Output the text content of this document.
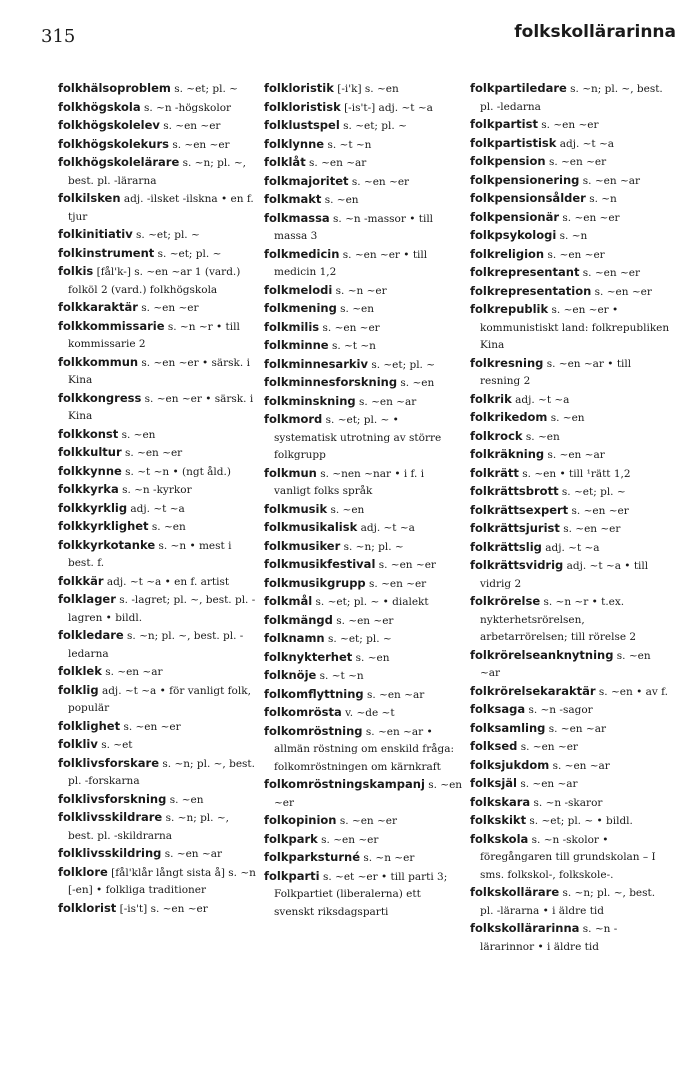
315	folkskollärarinna
folkhälsoproblem s. ~et; pl. ~
folkhögskola s. ~n -högskolor
folkhögskolelev s. ~en ~er
folkhögskolekurs s. ~en ~er
folkhögskolelärare s. ~n; pl. ~, best. pl. -lärarna
folkilsken adj. -ilsket -ilskna • en f. tjur
folkinitiativ s. ~et; pl. ~
folkinstrument s. ~et; pl. ~
folkis [fål'k-] s. ~en ~ar 1 (vard.) folköl 2 (vard.) folkhögskola
folkkaraktär s. ~en ~er
folkkommissarie s. ~n ~r • till kommissarie 2
folkkommun s. ~en ~er • särsk. i Kina
folkkongress s. ~en ~er • särsk. i Kina
folkkonst s. ~en
folkkultur s. ~en ~er
folkkynne s. ~t ~n • (ngt åld.)
folkkyrka s. ~n -kyrkor
folkkyrklig adj. ~t ~a
folkkyrklighet s. ~en
folkkyrkotanke s. ~n • mest i best. f.
folkkär adj. ~t ~a • en f. artist
folklager s. -lagret; pl. ~, best. pl. -lagren • bildl.
folkledare s. ~n; pl. ~, best. pl. -ledarna
folklek s. ~en ~ar
folklig adj. ~t ~a • för vanligt folk, populär
folklighet s. ~en ~er
folkliv s. ~et
folklivsforskare s. ~n; pl. ~, best. pl. -forskarna
folklivsforskning s. ~en
folklivsskildrare s. ~n; pl. ~, best. pl. -skildrarna
folklivsskildring s. ~en ~ar
folklore [fål'klår långt sista å] s. ~n [-en] • folkliga traditioner
folklorist [-is't] s. ~en ~er
folkloristik [-i'k] s. ~en
folkloristisk [-is't-] adj. ~t ~a
folklustspel s. ~et; pl. ~
folklynne s. ~t ~n
folklåt s. ~en ~ar
folkmajoritet s. ~en ~er
folkmakt s. ~en
folkmassa s. ~n -massor • till massa 3
folkmedicin s. ~en ~er • till medicin 1,2
folkmelodi s. ~n ~er
folkmening s. ~en
folkmilis s. ~en ~er
folkminne s. ~t ~n
folkminnesarkiv s. ~et; pl. ~
folkminnesforskning s. ~en
folkminskning s. ~en ~ar
folkmord s. ~et; pl. ~ • systematisk utrotning av större folkgrupp
folkmun s. ~nen ~nar • i f. i vanligt folks språk
folkmusik s. ~en
folkmusikalisk adj. ~t ~a
folkmusiker s. ~n; pl. ~
folkmusikfestival s. ~en ~er
folkmusikgrupp s. ~en ~er
folkmål s. ~et; pl. ~ • dialekt
folkmängd s. ~en ~er
folknamn s. ~et; pl. ~
folknykterhet s. ~en
folknöje s. ~t ~n
folkomflyttning s. ~en ~ar
folkomrösta v. ~de ~t
folkomröstning s. ~en ~ar • allmän röstning om enskild fråga: folkomröstningen om kärnkraft
folkomröstningskampanj s. ~en ~er
folkopinion s. ~en ~er
folkpark s. ~en ~er
folkparksturné s. ~n ~er
folkparti s. ~et ~er • till parti 3; Folkpartiet (liberalerna) ett svenskt riksdagsparti
folkpartiledare s. ~n; pl. ~, best. pl. -ledarna
folkpartist s. ~en ~er
folkpartistisk adj. ~t ~a
folkpension s. ~en ~er
folkpensionering s. ~en ~ar
folkpensionsålder s. ~n
folkpensionär s. ~en ~er
folkpsykologi s. ~n
folkreligion s. ~en ~er
folkrepresentant s. ~en ~er
folkrepresentation s. ~en ~er
folkrepublik s. ~en ~er • kommunistiskt land: folkrepubliken Kina
folkresning s. ~en ~ar • till resning 2
folkrik adj. ~t ~a
folkrikedom s. ~en
folkrock s. ~en
folkräkning s. ~en ~ar
folkrätt s. ~en • till ¹rätt 1,2
folkrättsbrott s. ~et; pl. ~
folkrättsexpert s. ~en ~er
folkrättsjurist s. ~en ~er
folkrättslig adj. ~t ~a
folkrättsvidrig adj. ~t ~a • till vidrig 2
folkrörelse s. ~n ~r • t.ex. nykterhetsrörelsen, arbetarrörelsen; till rörelse 2
folkrörelseanknytning s. ~en ~ar
folkrörelsekaraktär s. ~en • av f.
folksaga s. ~n -sagor
folksamling s. ~en ~ar
folksed s. ~en ~er
folksjukdom s. ~en ~ar
folksjäl s. ~en ~ar
folkskara s. ~n -skaror
folkskikt s. ~et; pl. ~ • bildl.
folkskola s. ~n -skolor • föregångaren till grundskolan – I sms. folkskol-, folkskole-.
folkskollärare s. ~n; pl. ~, best. pl. -lärarna • i äldre tid
folkskollärarinna s. ~n -lärarinnor • i äldre tid
